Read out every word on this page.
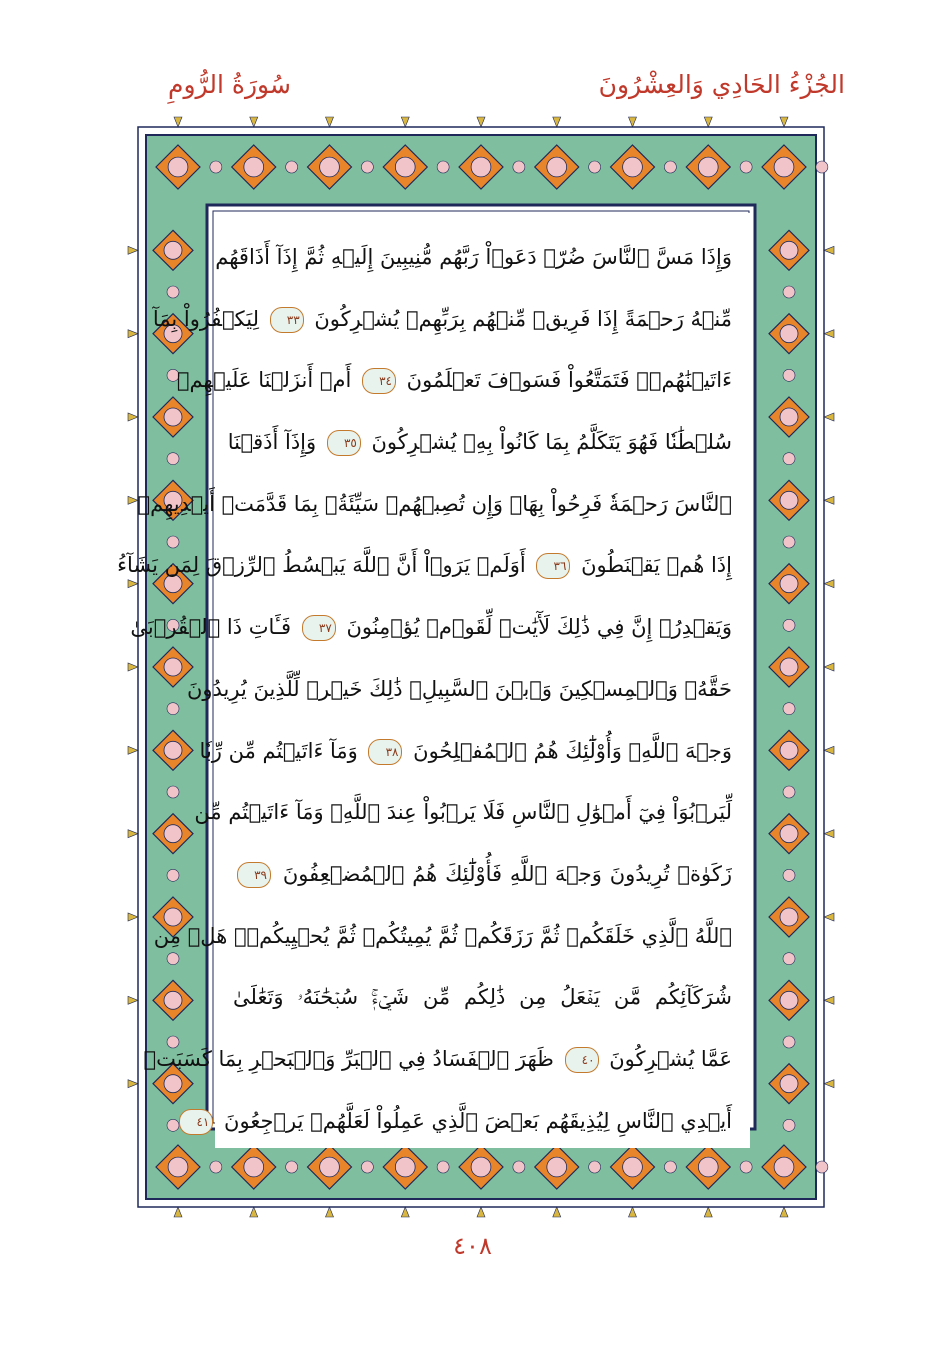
سُورَةُ الرُّومِ	الجُزْءُ الحَادِي وَالعِشْرُونَ
وَإِذَا مَسَّ ٱلنَّاسَ ضُرّٞ دَعَوۡاْ رَبَّهُم مُّنِيبِينَ إِلَيۡهِ ثُمَّ إِذَآ أَذَاقَهُم
مِّنۡهُ رَحۡمَةً إِذَا فَرِيقٞ مِّنۡهُم بِرَبِّهِمۡ يُشۡرِكُونَ ٣٣ لِيَكۡفُرُواْ بِمَآ
ءَاتَيۡنَٰهُمۡۚ فَتَمَتَّعُواْ فَسَوۡفَ تَعۡلَمُونَ ٣٤ أَمۡ أَنزَلۡنَا عَلَيۡهِمۡ
سُلۡطَٰنٗا فَهُوَ يَتَكَلَّمُ بِمَا كَانُواْ بِهِۦ يُشۡرِكُونَ ٣٥ وَإِذَآ أَذَقۡنَا
ٱلنَّاسَ رَحۡمَةٗ فَرِحُواْ بِهَاۖ وَإِن تُصِبۡهُمۡ سَيِّئَةُۢ بِمَا قَدَّمَتۡ أَيۡدِيهِمۡ
إِذَا هُمۡ يَقۡنَطُونَ ٣٦ أَوَلَمۡ يَرَوۡاْ أَنَّ ٱللَّهَ يَبۡسُطُ ٱلرِّزۡقَ لِمَن يَشَآءُ
وَيَقۡدِرُۚ إِنَّ فِي ذَٰلِكَ لَأٓيَٰتٖ لِّقَوۡمٖ يُؤۡمِنُونَ ٣٧ فَـَٔاتِ ذَا ٱلۡقُرۡبَىٰ
حَقَّهُۥ وَٱلۡمِسۡكِينَ وَٱبۡنَ ٱلسَّبِيلِۚ ذَٰلِكَ خَيۡرٞ لِّلَّذِينَ يُرِيدُونَ
وَجۡهَ ٱللَّهِۖ وَأُوْلَٰٓئِكَ هُمُ ٱلۡمُفۡلِحُونَ ٣٨ وَمَآ ءَاتَيۡتُم مِّن رِّبٗا
لِّيَرۡبُوَاْ فِيٓ أَمۡوَٰلِ ٱلنَّاسِ فَلَا يَرۡبُواْ عِندَ ٱللَّهِۖ وَمَآ ءَاتَيۡتُم مِّن
زَكَوٰةٖ تُرِيدُونَ وَجۡهَ ٱللَّهِ فَأُوْلَٰٓئِكَ هُمُ ٱلۡمُضۡعِفُونَ ٣٩
ٱللَّهُ ٱلَّذِي خَلَقَكُمۡ ثُمَّ رَزَقَكُمۡ ثُمَّ يُمِيتُكُمۡ ثُمَّ يُحۡيِيكُمۡۖ هَلۡ مِن
شُرَكَآئِكُم مَّن يَفۡعَلُ مِن ذَٰلِكُم مِّن شَيۡءٖۚ سُبۡحَٰنَهُۥ وَتَعَٰلَىٰ
عَمَّا يُشۡرِكُونَ ٤٠ ظَهَرَ ٱلۡفَسَادُ فِي ٱلۡبَرِّ وَٱلۡبَحۡرِ بِمَا كَسَبَتۡ
أَيۡدِي ٱلنَّاسِ لِيُذِيقَهُم بَعۡضَ ٱلَّذِي عَمِلُواْ لَعَلَّهُمۡ يَرۡجِعُونَ ٤١
٤٠٨
